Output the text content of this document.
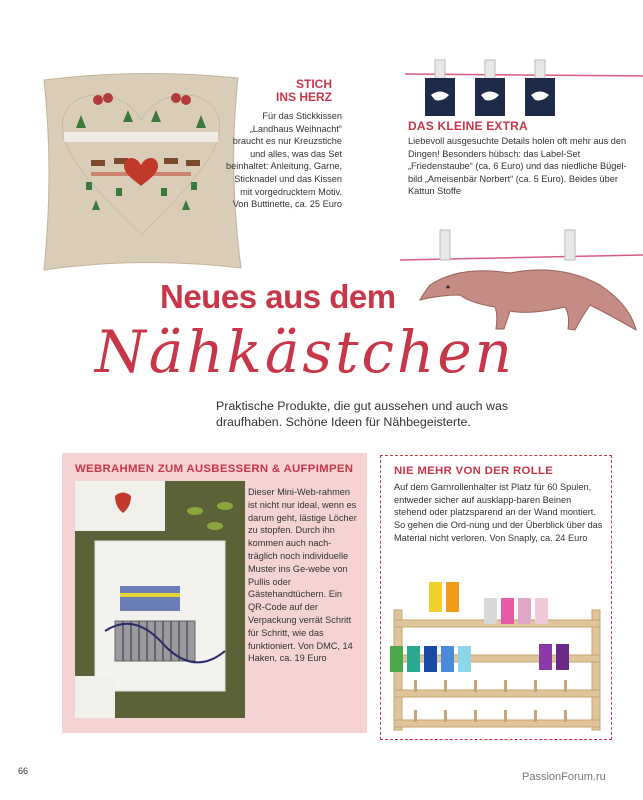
STICH
INS HERZ
Für das Stickkissen „Landhaus Weihnacht“ braucht es nur Kreuzstiche und alles, was das Set beinhaltet: Anleitung, Garne, Sticknadel und das Kissen mit vorgedrucktem Motiv. Von Buttinette, ca. 25 Euro
DAS KLEINE EXTRA
Liebevoll ausgesuchte Details holen oft mehr aus den Dingen! Besonders hübsch: das Label-Set „Friedenstaube“ (ca. 6 Euro) und das niedliche Bügel-bild „Ameisenbär Norbert“ (ca. 5 Euro). Beides über Kattun Stoffe
Neues aus dem
Nähkästchen
Praktische Produkte, die gut aussehen und auch was draufhaben. Schöne Ideen für Nähbegeisterte.
WEBRAHMEN ZUM AUSBESSERN & AUFPIMPEN
Dieser Mini-Web-rahmen ist nicht nur ideal, wenn es darum geht, lästige Löcher zu stopfen. Durch ihn kommen auch nach-träglich noch individuelle Muster ins Ge-webe von Pullis oder Gästehandtüchern. Ein QR-Code auf der Verpackung verrät Schritt für Schritt, wie das funktioniert. Von DMC, 14 Haken, ca. 19 Euro
NIE MEHR VON DER ROLLE
Auf dem Garnrollenhalter ist Platz für 60 Spulen, entweder sicher auf ausklapp-baren Beinen stehend oder platzsparend an der Wand montiert. So gehen die Ord-nung und der Überblick über das Material nicht verloren. Von Snaply, ca. 24 Euro
66	PassionForum.ru
